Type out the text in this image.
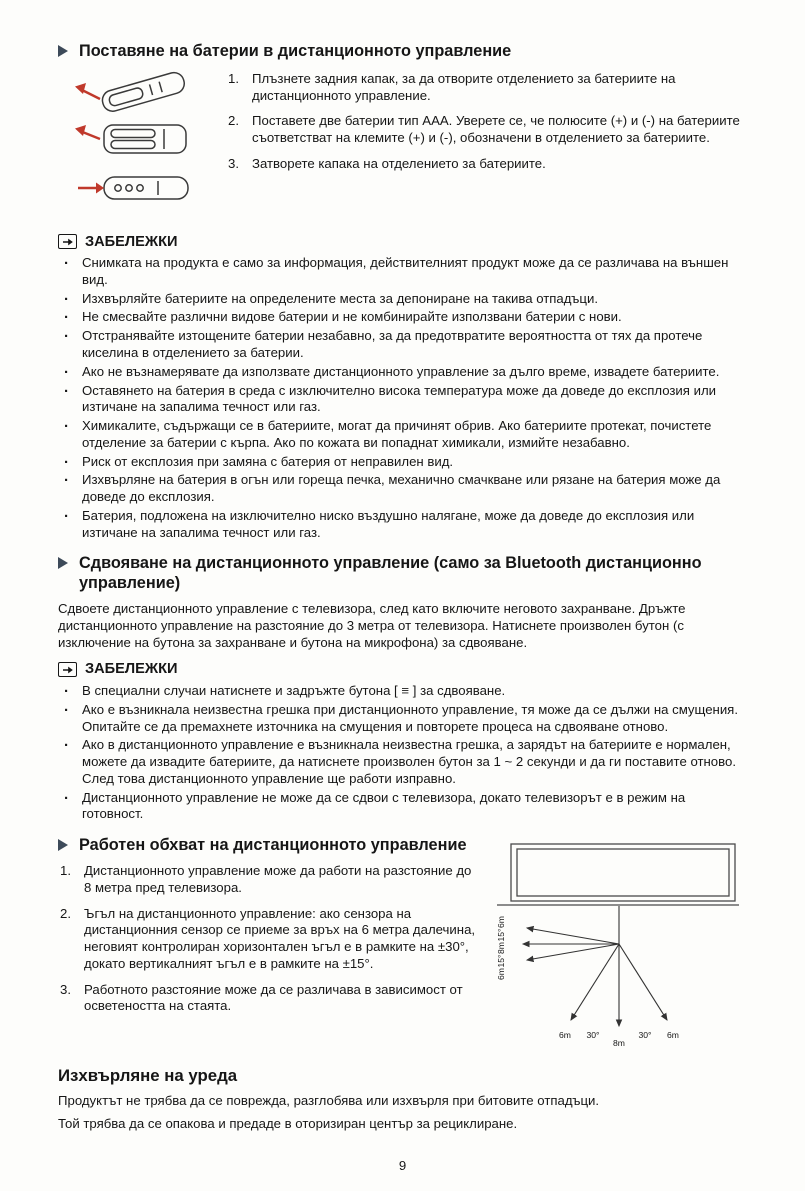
Поставяне на батерии в дистанционното управление
1. Плъзнете задния капак, за да отворите отделението за батериите на дистанционното управление.
2. Поставете две батерии тип AAA. Уверете се, че полюсите (+) и (-) на батериите съответстват на клемите (+) и (-), обозначени в отделението за батериите.
3. Затворете капака на отделението за батериите.
ЗАБЕЛЕЖКИ
· Снимката на продукта е само за информация, действителният продукт може да се различава на външен вид.
· Изхвърляйте батериите на определените места за депониране на такива отпадъци.
· Не смесвайте различни видове батерии и не комбинирайте използвани батерии с нови.
· Отстранявайте изтощените батерии незабавно, за да предотвратите вероятността от тях да протече киселина в отделението за батерии.
· Ако не възнамерявате да използвате дистанционното управление за дълго време, извадете батериите.
· Оставянето на батерия в среда с изключително висока температура може да доведе до експлозия или изтичане на запалима течност или газ.
· Химикалите, съдържащи се в батериите, могат да причинят обрив. Ако батериите протекат, почистете отделение за батерии с кърпа. Ако по кожата ви попаднат химикали, измийте незабавно.
· Риск от експлозия при замяна с батерия от неправилен вид.
· Изхвърляне на батерия в огън или гореща печка, механично смачкване или рязане на батерия може да доведе до експлозия.
· Батерия, подложена на изключително ниско въздушно налягане, може да доведе до експлозия или изтичане на запалима течност или газ.
Сдвояване на дистанционното управление (само за Bluetooth дистанционно управление)

Сдвоете дистанционното управление с телевизора, след като включите неговото захранване. Дръжте дистанционното управление на разстояние до 3 метра от телевизора. Натиснете произволен бутон (с изключение на бутона за захранване и бутона на микрофона) за сдвояване.

ЗАБЕЛЕЖКИ
· В специални случаи натиснете и задръжте бутона [ ≡ ] за сдвояване.
· Ако е възникнала неизвестна грешка при дистанционното управление, тя може да се дължи на смущения. Опитайте се да премахнете източника на смущения и повторете процеса на сдвояване отново.
· Ако в дистанционното управление е възникнала неизвестна грешка, а зарядът на батериите е нормален, можете да извадите батериите, да натиснете произволен бутон за 1 ~ 2 секунди и да ги поставите отново. След това дистанционното управление ще работи изправно.
· Дистанционното управление не може да се сдвои с телевизора, докато телевизорът е в режим на готовност.
Работен обхват на дистанционното управление
1. Дистанционното управление може да работи на разстояние до 8 метра пред телевизора.
2. Ъгъл на дистанционното управление: ако сензора на дистанционния сензор се приеме за връх на 6 метра далечина, неговият контролиран хоризонтален ъгъл е в рамките на ±30°, докато вертикалният ъгъл е в рамките на ±15°.
3. Работното разстояние може да се различава в зависимост от осветеността на стаята.
6m
15°
8m
15°
6m
6m 30°
8m
30° 6m
Изхвърляне на уреда

Продуктът не трябва да се поврежда, разглобява или изхвърля при битовите отпадъци.

Той трябва да се опакова и предаде в оторизиран център за рециклиране.

9
